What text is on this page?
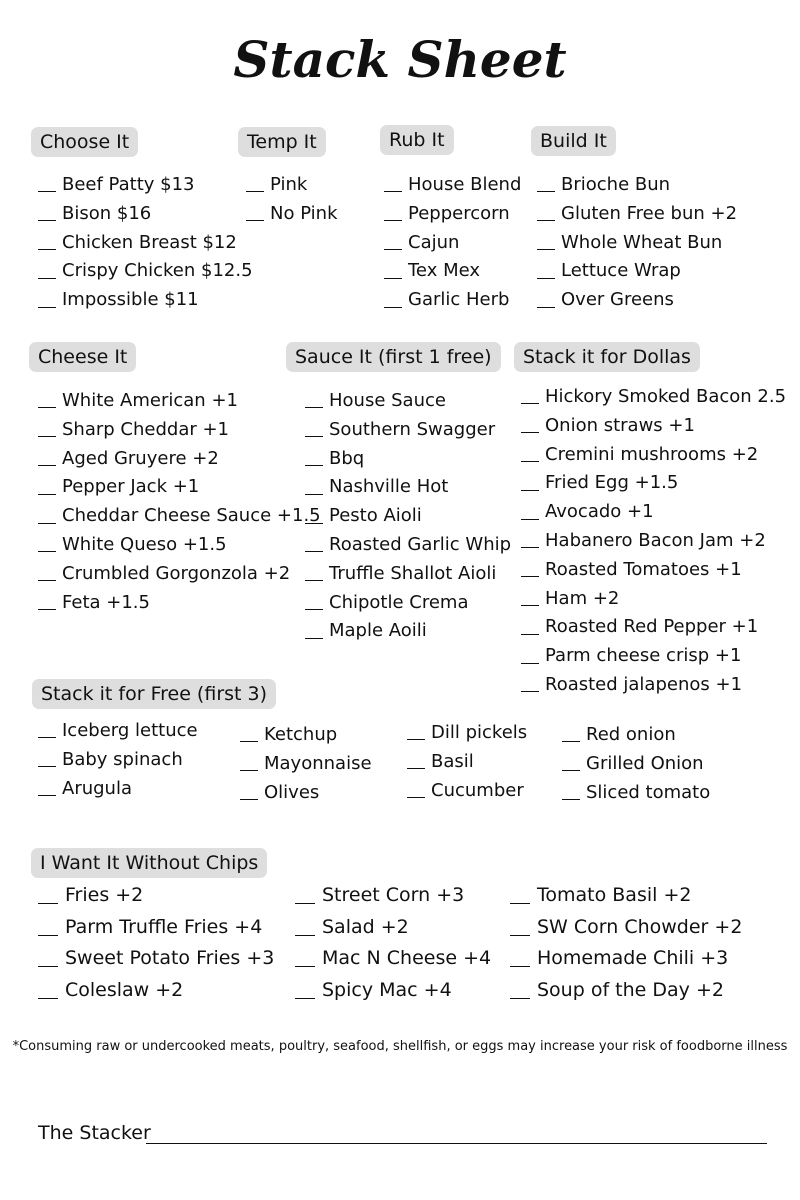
Stack Sheet
Choose It	Temp It	Rub It	Build It
Cheese It	Sauce It (first 1 free)	Stack it for Dollas
Stack it for Free (first 3)
I Want It Without Chips
Beef Patty $13
Bison $16
Chicken Breast $12
Crispy Chicken $12.5
Impossible $11
Pink
No Pink
House Blend
Peppercorn
Cajun
Tex Mex
Garlic Herb
Brioche Bun
Gluten Free bun +2
Whole Wheat Bun
Lettuce Wrap
Over Greens
White American +1
Sharp Cheddar +1
Aged Gruyere +2
Pepper Jack +1
Cheddar Cheese Sauce +1.5
White Queso +1.5
Crumbled Gorgonzola +2
Feta +1.5
House Sauce
Southern Swagger
Bbq
Nashville Hot
Pesto Aioli
Roasted Garlic Whip
Truffle Shallot Aioli
Chipotle Crema
Maple Aoili
Hickory Smoked Bacon 2.5
Onion straws +1
Cremini mushrooms +2
Fried Egg +1.5
Avocado +1
Habanero Bacon Jam +2
Roasted Tomatoes +1
Ham +2
Roasted Red Pepper +1
Parm cheese crisp +1
Roasted jalapenos +1
Iceberg lettuce
Baby spinach
Arugula
Ketchup
Mayonnaise
Olives
Dill pickels
Basil
Cucumber
Red onion
Grilled Onion
Sliced tomato
Fries +2
Parm Truffle Fries +4
Sweet Potato Fries +3
Coleslaw +2
Street Corn +3
Salad +2
Mac N Cheese +4
Spicy Mac +4
Tomato Basil +2
SW Corn Chowder +2
Homemade Chili +3
Soup of the Day +2
*Consuming raw or undercooked meats, poultry, seafood, shellfish, or eggs may increase your risk of foodborne illness
The Stacker
